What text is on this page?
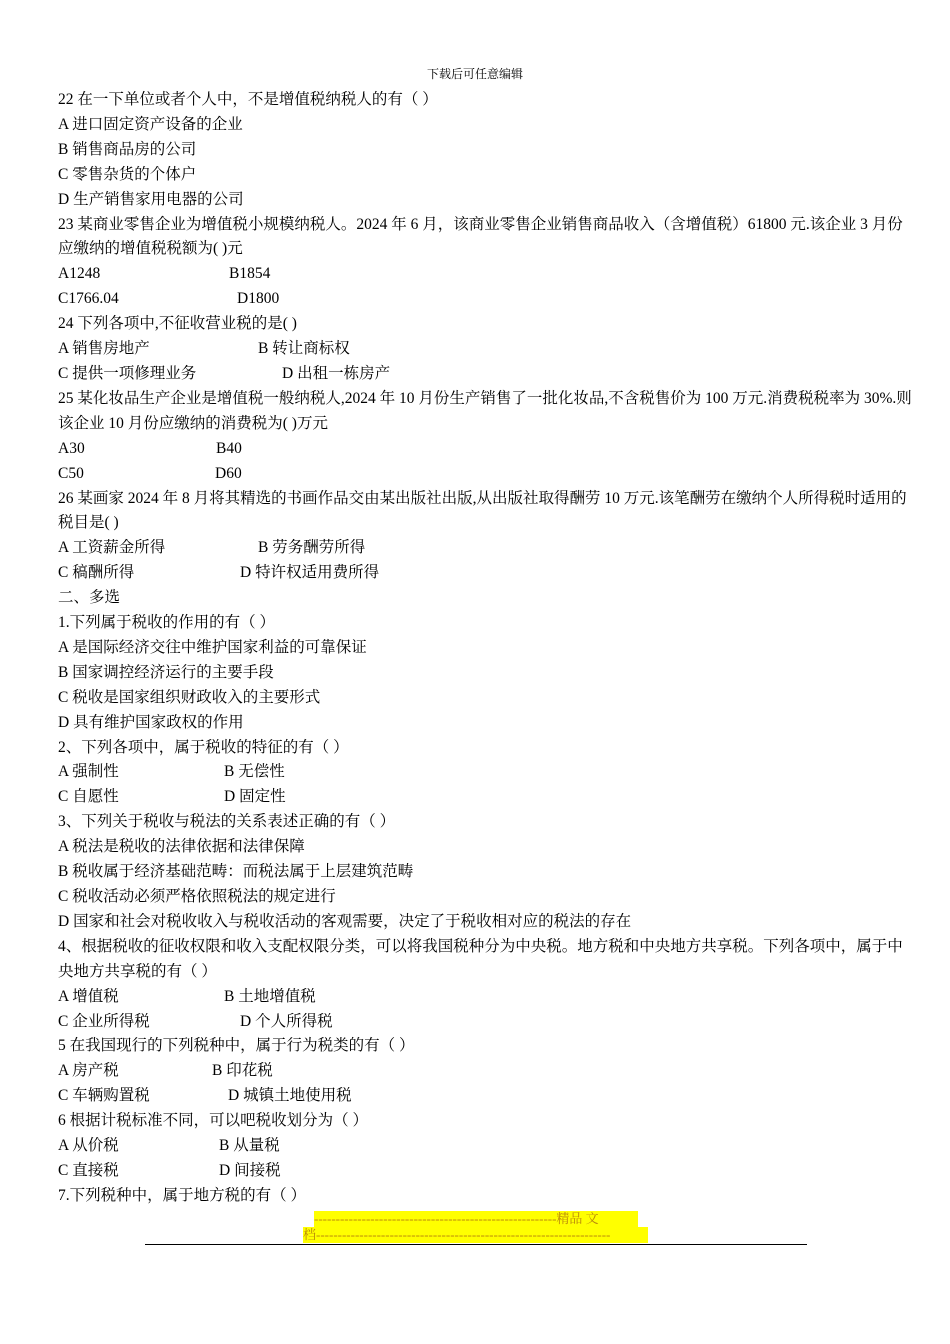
下载后可任意编辑
22 在一下单位或者个人中，不是增值税纳税人的有（ ）
A 进口固定资产设备的企业
B 销售商品房的公司
C 零售杂货的个体户
D 生产销售家用电器的公司
23 某商业零售企业为增值税小规模纳税人。2024 年 6 月，该商业零售企业销售商品收入（含增值税）61800 元.该企业 3 月份应缴纳的增值税税额为( )元
A1248	B1854
C1766.04	D1800
24 下列各项中,不征收营业税的是( )
A 销售房地产	B 转让商标权
C 提供一项修理业务	D 出租一栋房产
25 某化妆品生产企业是增值税一般纳税人,2024 年 10 月份生产销售了一批化妆品,不含税售价为 100 万元.消费税税率为 30%.则该企业 10 月份应缴纳的消费税为( )万元
A30	B40
C50	D60
26 某画家 2024 年 8 月将其精选的书画作品交由某出版社出版,从出版社取得酬劳 10 万元.该笔酬劳在缴纳个人所得税时适用的税目是( )
A 工资薪金所得	B 劳务酬劳所得
C 稿酬所得	D 特许权适用费所得
二、多选
1.下列属于税收的作用的有（ ）
A 是国际经济交往中维护国家利益的可靠保证
B 国家调控经济运行的主要手段
C 税收是国家组织财政收入的主要形式
D 具有维护国家政权的作用
2、下列各项中，属于税收的特征的有（ ）
A 强制性	B 无偿性
C 自愿性	D 固定性
3、下列关于税收与税法的关系表述正确的有（ ）
A 税法是税收的法律依据和法律保障
B 税收属于经济基础范畴：而税法属于上层建筑范畴
C 税收活动必须严格依照税法的规定进行
D 国家和社会对税收收入与税收活动的客观需要，决定了于税收相对应的税法的存在
4、根据税收的征收权限和收入支配权限分类，可以将我国税种分为中央税。地方税和中央地方共享税。下列各项中，属于中央地方共享税的有（ ）
A 增值税	B 土地增值税
C 企业所得税	D 个人所得税
5 在我国现行的下列税种中，属于行为税类的有（ ）
A 房产税	B 印花税
C 车辆购置税	D 城镇土地使用税
6 根据计税标准不同，可以吧税收划分为（ ）
A 从价税	B 从量税
C 直接税	D 间接税
7.下列税种中，属于地方税的有（ ）
--------------------------------------------------------精品 文
档--------------------------------------------------------------------
